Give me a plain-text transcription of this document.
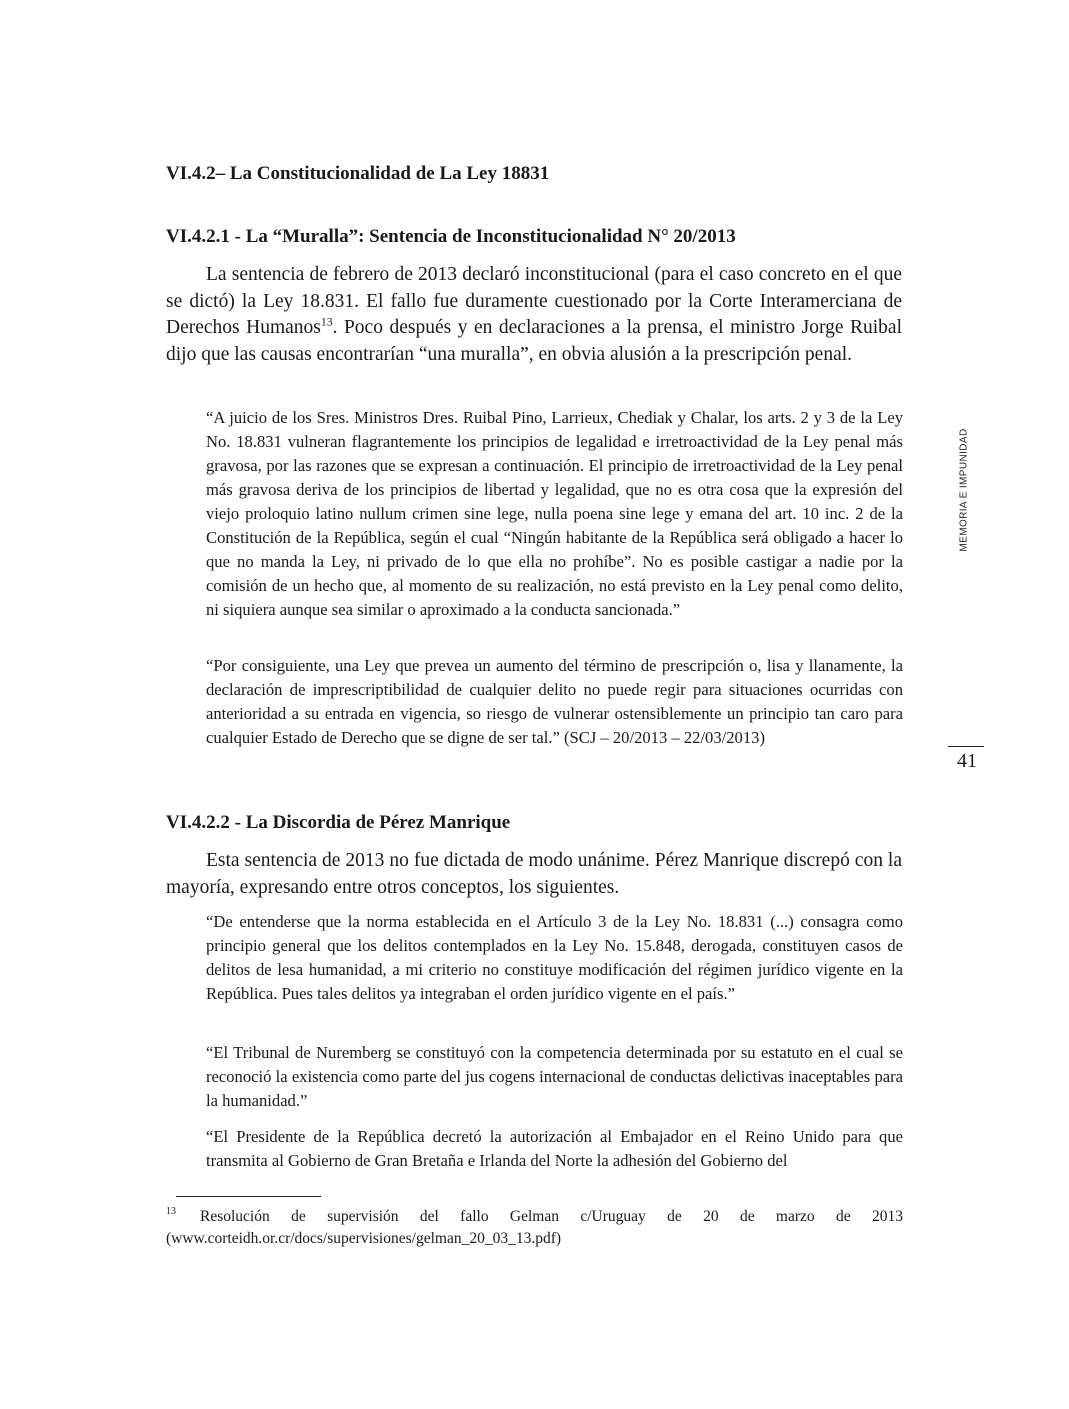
VI.4.2– La Constitucionalidad de La Ley 18831
VI.4.2.1 - La “Muralla”: Sentencia de Inconstitucionalidad N° 20/2013

La sentencia de febrero de 2013 declaró inconstitucional (para el caso concreto en el que se dictó) la Ley 18.831. El fallo fue duramente cuestionado por la Corte Interamerciana de Derechos Humanos$^{13}$. Poco después y en declaraciones a la prensa, el ministro Jorge Ruibal dijo que las causas encontrarían “una muralla”, en obvia alusión a la prescripción penal.

“A juicio de los Sres. Ministros Dres. Ruibal Pino, Larrieux, Chediak y Chalar, los arts. 2 y 3 de la Ley No. 18.831 vulneran flagrantemente los principios de legalidad e irretroactividad de la Ley penal más gravosa, por las razones que se expresan a continuación. El principio de irretroactividad de la Ley penal más gravosa deriva de los principios de libertad y legalidad, que no es otra cosa que la expresión del viejo proloquio latino nullum crimen sine lege, nulla poena sine lege y emana del art. 10 inc. 2 de la Constitución de la República, según el cual “Ningún habitante de la República será obligado a hacer lo que no manda la Ley, ni privado de lo que ella no prohíbe”. No es posible castigar a nadie por la comisión de un hecho que, al momento de su realización, no está previsto en la Ley penal como delito, ni siquiera aunque sea similar o aproximado a la conducta sancionada.”

“Por consiguiente, una Ley que prevea un aumento del término de prescripción o, lisa y llanamente, la declaración de imprescriptibilidad de cualquier delito no puede regir para situaciones ocurridas con anterioridad a su entrada en vigencia, so riesgo de vulnerar ostensiblemente un principio tan caro para cualquier Estado de Derecho que se digne de ser tal.” (SCJ – 20/2013 – 22/03/2013)

VI.4.2.2 - La Discordia de Pérez Manrique

Esta sentencia de 2013 no fue dictada de modo unánime. Pérez Manrique discrepó con la mayoría, expresando entre otros conceptos, los siguientes.

“De entenderse que la norma establecida en el Artículo 3 de la Ley No. 18.831 (...) consagra como principio general que los delitos contemplados en la Ley No. 15.848, derogada, constituyen casos de delitos de lesa humanidad, a mi criterio no constituye modificación del régimen jurídico vigente en la República. Pues tales delitos ya integraban el orden jurídico vigente en el país.”

“El Tribunal de Nuremberg se constituyó con la competencia determinada por su estatuto en el cual se reconoció la existencia como parte del jus cogens internacional de conductas delictivas inaceptables para la humanidad.”

“El Presidente de la República decretó la autorización al Embajador en el Reino Unido para que transmita al Gobierno de Gran Bretaña e Irlanda del Norte la adhesión del Gobierno del

MEMORIA E IMPUNIDAD
41
13	Resolución de supervisión del fallo Gelman c/Uruguay de 20 de marzo de 2013 (www.corteidh.or.cr/docs/supervisiones/gelman_20_03_13.pdf)
